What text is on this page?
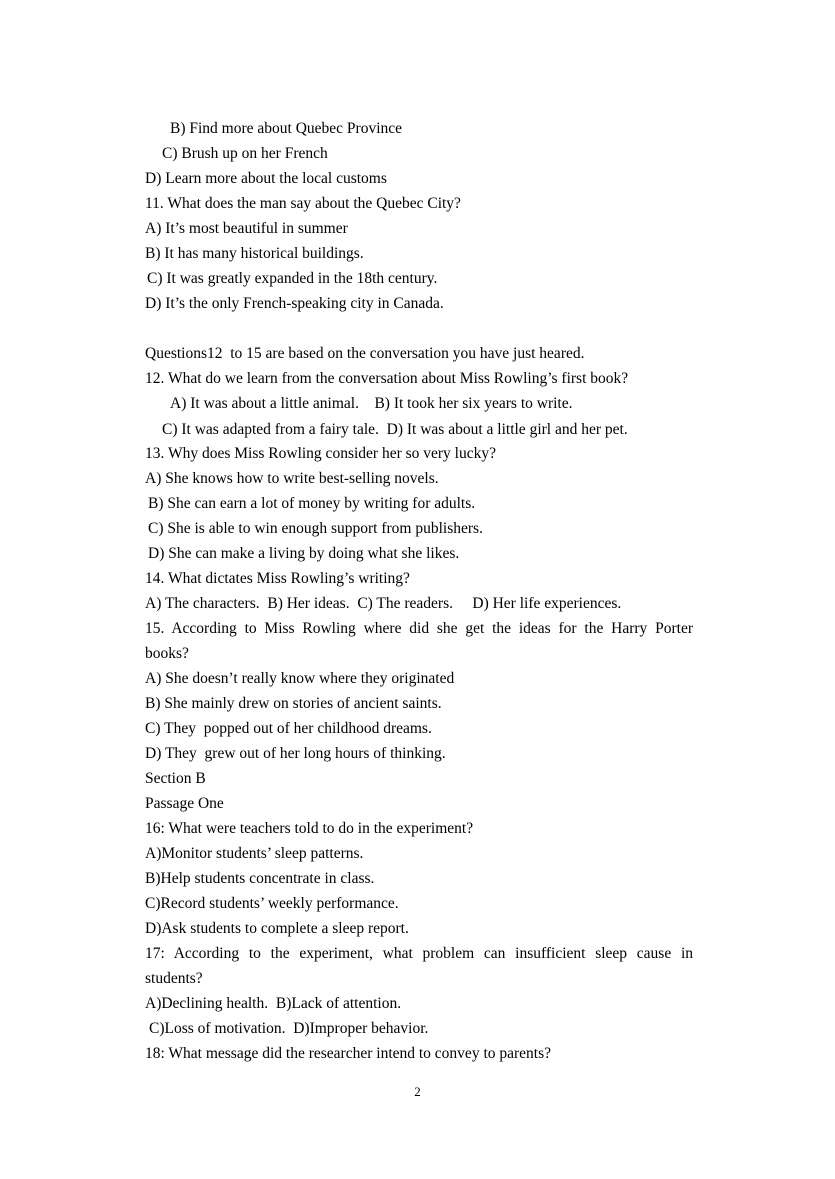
B) Find more about Quebec Province
C) Brush up on her French
D) Learn more about the local customs
11. What does the man say about the Quebec City?
A) It’s most beautiful in summer
B) It has many historical buildings.
C) It was greatly expanded in the 18th century.
D) It’s the only French-speaking city in Canada.
Questions12  to 15 are based on the conversation you have just heared.
12. What do we learn from the conversation about Miss Rowling’s first book?
A) It was about a little animal.    B) It took her six years to write.
C) It was adapted from a fairy tale.  D) It was about a little girl and her pet.
13. Why does Miss Rowling consider her so very lucky?
A) She knows how to write best-selling novels.
B) She can earn a lot of money by writing for adults.
C) She is able to win enough support from publishers.
D) She can make a living by doing what she likes.
14. What dictates Miss Rowling’s writing?
A) The characters.  B) Her ideas.  C) The readers.     D) Her life experiences.
15. According to Miss Rowling where did she get the ideas for the Harry Porter
books?
A) She doesn’t really know where they originated
B) She mainly drew on stories of ancient saints.
C) They  popped out of her childhood dreams.
D) They  grew out of her long hours of thinking.
Section B
Passage One
16: What were teachers told to do in the experiment?
A)Monitor students’ sleep patterns.
B)Help students concentrate in class.
C)Record students’ weekly performance.
D)Ask students to complete a sleep report.
17: According to the experiment, what problem can insufficient sleep cause in
students?
A)Declining health.  B)Lack of attention.
C)Loss of motivation.  D)Improper behavior.
18: What message did the researcher intend to convey to parents?
2
